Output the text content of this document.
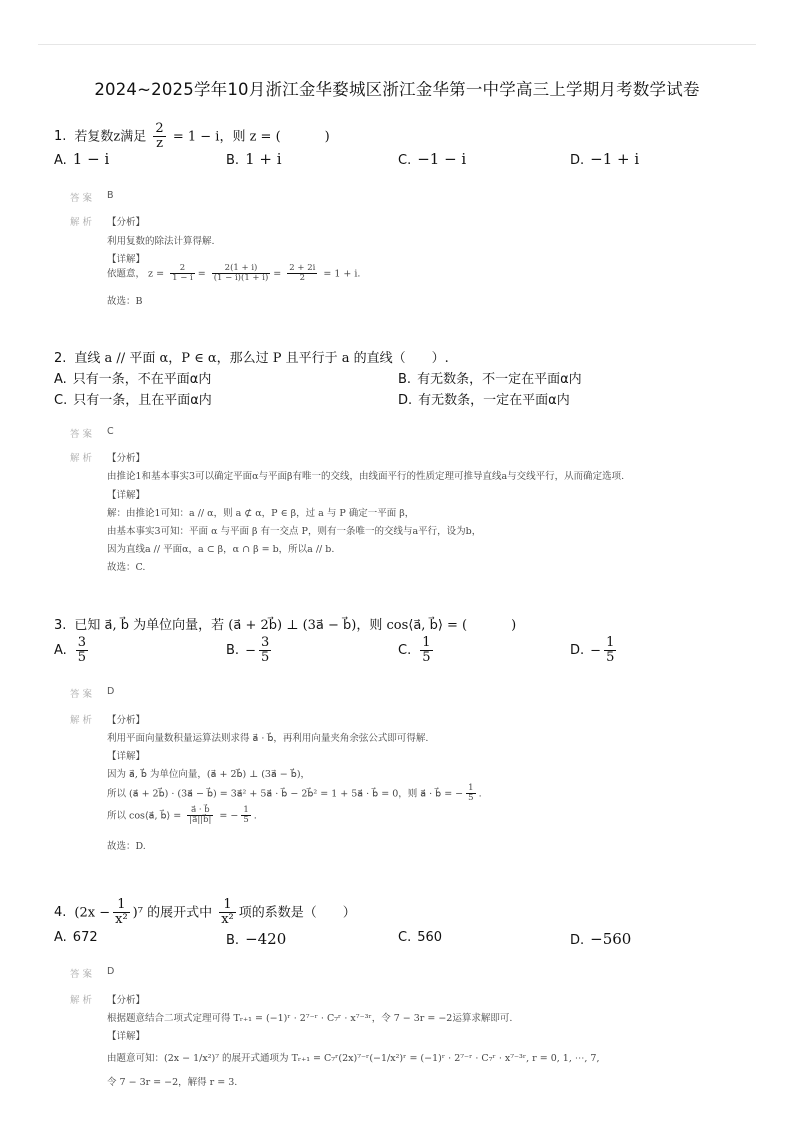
2024~2025学年10月浙江金华婺城区浙江金华第一中学高三上学期月考数学试卷
1. 若复数z满足 $\frac{2}{z} = 1 - i$，则 z = (	)
A. 1 − i	B. 1 + i	C. −1 − i	D. −1 + i
答案 B
解析 【分析】
利用复数的除法计算得解.
【详解】
依题意， $z = \frac{2}{1 - i} = \frac{2(1 + i)}{(1 - i)(1 + i)} = \frac{2 + 2i}{2} = 1 + i$.
故选：B
2. 直线 a // 平面 α，P ∈ α，那么过 P 且平行于 a 的直线（　　）.
A. 只有一条，不在平面α内	B. 有无数条，不一定在平面α内
C. 只有一条，且在平面α内	D. 有无数条，一定在平面α内
答案 C
解析 【分析】
由推论1和基本事实3可以确定平面α与平面β有唯一的交线，由线面平行的性质定理可推导直线a与交线平行，从而确定选项.
【详解】
解：由推论1可知：a // α，则 a ⊄ α，P ∈ β，过 a 与 P 确定一平面 β，
由基本事实3可知：平面 α 与平面 β 有一交点 P，则有一条唯一的交线与a平行，设为b，
因为直线a // 平面α，a ⊂ β，α ∩ β = b，所以a // b.
故选：C.
3. 已知 a⃗, b⃗ 为单位向量，若 (a⃗ + 2b⃗) ⊥ (3a⃗ − b⃗)，则 cos⟨a⃗, b⃗⟩ = (	)
A. $\frac{3}{5}$	B. − $\frac{3}{5}$	C. $\frac{1}{5}$	D. − $\frac{1}{5}$
答案 D
解析 【分析】
利用平面向量数积量运算法则求得 a⃗ · b⃗，再利用向量夹角余弦公式即可得解.
【详解】
因为 a⃗, b⃗ 为单位向量，(a⃗ + 2b⃗) ⊥ (3a⃗ − b⃗)，
所以 (a⃗ + 2b⃗) · (3a⃗ − b⃗) = 3a⃗² + 5a⃗ · b⃗ − 2b⃗² = 1 + 5a⃗ · b⃗ = 0，则 a⃗ · b⃗ = − $\frac{1}{5}$ .
所以 cos⟨a⃗, b⃗⟩ = $\frac{a⃗ \cdot b⃗}{|a⃗||b⃗|}$ = − $\frac{1}{5}$ .
故选：D.
4. $(2x - \frac{1}{\text{x²}} )^7$ 的展开式中 $\frac{1}{\text{x²}}$ 项的系数是（　　）
A. 672	B. −420	C. 560	D. −560
答案 D
解析 【分析】
根据题意结合二项式定理可得 Tᵣ₊₁ = (−1)ʳ · 2⁷⁻ʳ · C₇ʳ · x⁷⁻³ʳ，令 7 − 3r = −2运算求解即可.
【详解】
由题意可知：(2x − 1/x²)⁷ 的展开式通项为 Tᵣ₊₁ = C₇ʳ(2x)⁷⁻ʳ(−1/x²)ʳ = (−1)ʳ · 2⁷⁻ʳ · C₇ʳ · x⁷⁻³ʳ, r = 0, 1, ⋯, 7,
令 7 − 3r = −2，解得 r = 3.
